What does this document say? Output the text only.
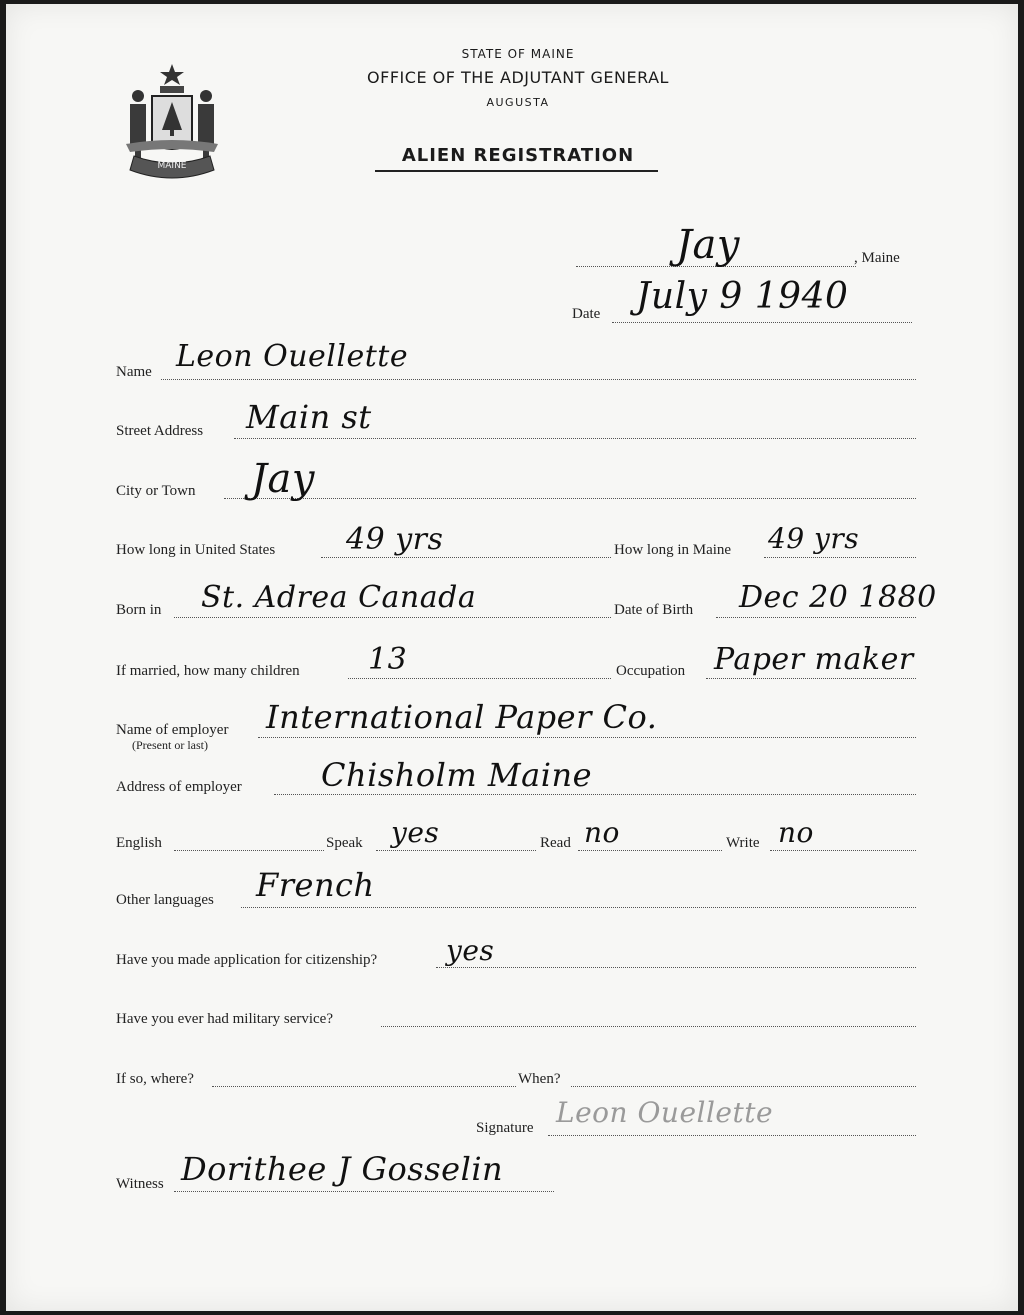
MAINE
STATE OF MAINE
OFFICE OF THE ADJUTANT GENERAL
AUGUSTA
ALIEN REGISTRATION
Jay	, Maine
Date July 9 1940
Name Leon Ouellette
Street Address Main st
City or Town Jay
How long in United States 49 yrs	How long in Maine 49 yrs
Born in St. Adrea Canada	Date of Birth Dec 20 1880
If married, how many children 13	Occupation Paper maker
Name of employer
(Present or last)
International Paper Co.
Address of employer Chisholm Maine
English	Speak yes	Read no	Write no
Other languages French
Have you made application for citizenship? yes
Have you ever had military service?
If so, where?	When?
Signature Leon Ouellette
Witness Dorithee J Gosselin
